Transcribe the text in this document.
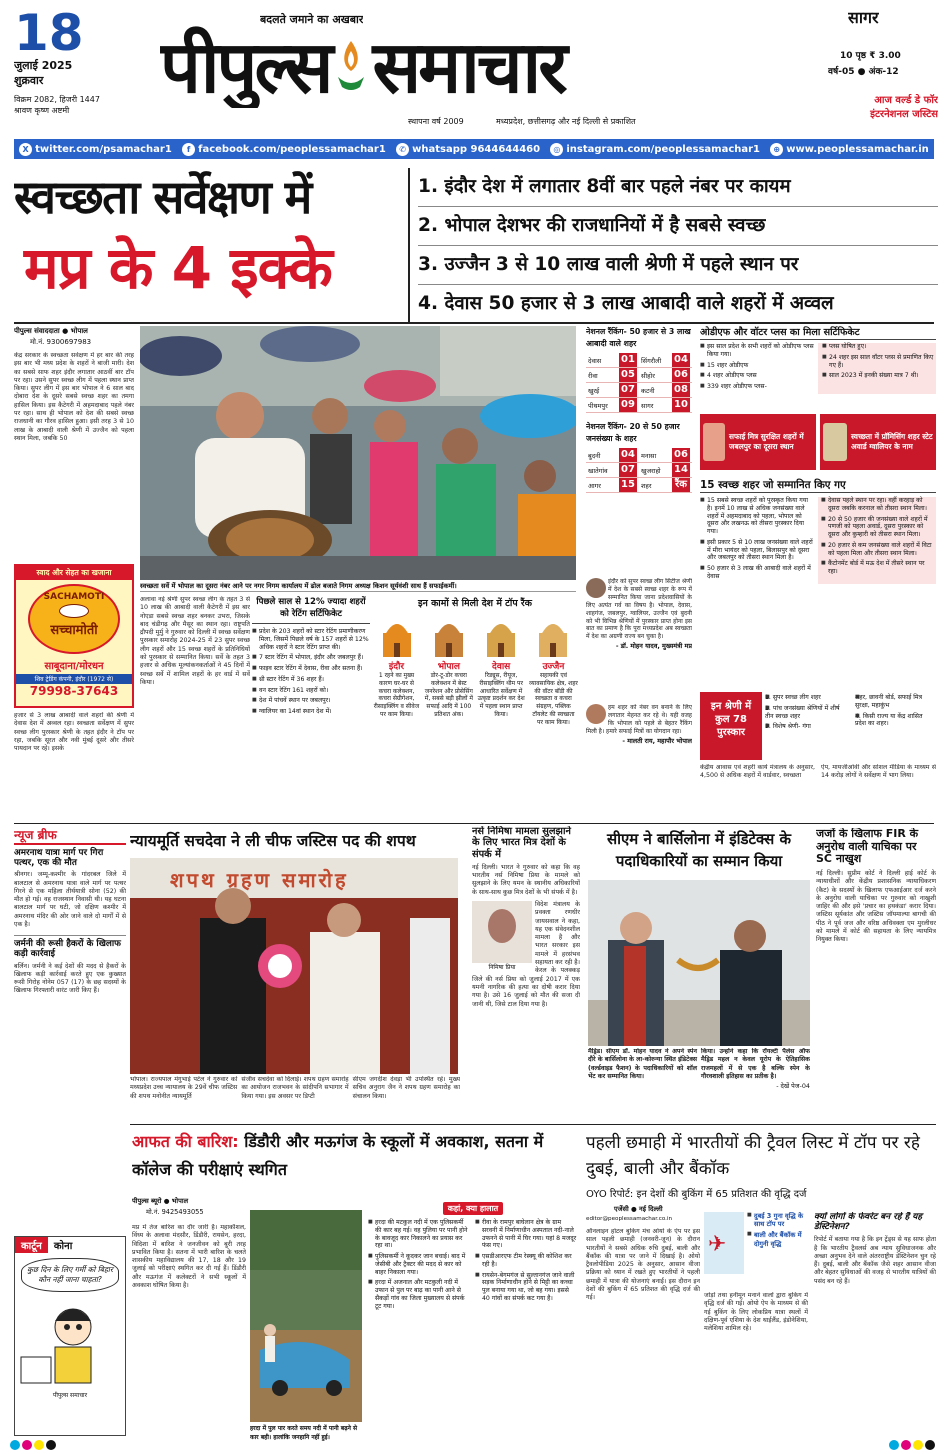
18
जुलाई 2025
शुक्रवार
विक्रम 2082, हिजरी 1447
श्रावण कृष्ण अष्टमी
बदलते जमाने का अखबार
पीपुल्स समाचार
स्थापना वर्ष 2009	मध्यप्रदेश, छत्तीसगढ़ और नई दिल्ली से प्रकाशित
सागर
10 पृष्ठ ₹ 3.00
वर्ष-05 ● अंक-12
आज वर्ल्ड डे फॉर
इंटरनेशनल जस्टिस
X twitter.com/psamachar1	f facebook.com/peoplessamachar1	✆ whatsapp 9644644460	◎ instagram.com/peoplessamachar1	⊕ www.peoplessamachar.in
स्वच्छता सर्वेक्षण में
मप्र के 4 इक्के
1. इंदौर देश में लगातार 8वीं बार पहले नंबर पर कायम
2. भोपाल देशभर की राजधानियों में है सबसे स्वच्छ
3. उज्जैन 3 से 10 लाख वाली श्रेणी में पहले स्थान पर
4. देवास 50 हजार से 3 लाख आबादी वाले शहरों में अव्वल
पीपुल्स संवाददाता ● भोपाल
मो.नं. 9300697983
केंद्र सरकार के स्वच्छता सर्वेक्षण में हर बार की तरह इस बार भी मध्य प्रदेश के शहरों ने बाजी मारी। देश का सबसे साफ शहर इंदौर लगातार आठवीं बार टॉप पर रहा। उसने सुपर स्वच्छ लीग में पहला स्थान प्राप्त किया। सुपर लीग में इस बार भोपाल ने 6 साल बाद दोबारा देश के दूसरे सबसे स्वच्छ शहर का तमगा हासिल किया। इस कैटेगरी में अहमदाबाद पहले नंबर पर रहा। साथ ही भोपाल को देश की सबसे स्वच्छ राजधानी का गौरव हासिल हुआ। इसी तरह 3 से 10 लाख के आबादी वाली श्रेणी में उज्जैन को पहला स्थान मिला, जबकि 50
स्वाद और सेहत का खजाना
SACHAMOTI
सच्चामोती
साबूदाना/मोरधन
शिव ट्रेडिंग कंपनी, इंदौर (1972 से)
79998-37643
हजार से 3 लाख आबादी वाले शहरों की श्रेणी में देवास देश में अव्वल रहा। स्वच्छता सर्वेक्षण में सुपर स्वच्छ लीग पुरस्कार श्रेणी के तहत इंदौर ने टॉप पर रहा, जबकि सूरत और नवी मुंबई दूसरे और तीसरे पायदान पर रहे। इसके
स्वच्छता सर्वे में भोपाल का दूसरा नंबर आने पर नगर निगम कार्यालय में ढोल बजाते निगम अध्यक्ष किशन सूर्यवंशी साथ हैं सफाईकर्मी।
अलावा नई श्रेणी सुपर स्वच्छ लीग के तहत 3 से 10 लाख की आबादी वाली कैटेगरी में इस बार नोएडा सबसे स्वच्छ शहर बनकर उभरा, जिसके बाद चंडीगढ़ और मैसूर का स्थान रहा। राष्ट्रपति द्रौपदी मुर्मु ने गुरुवार को दिल्ली में स्वच्छ सर्वेक्षण पुरस्कार समारोह 2024-25 में 23 सुपर स्वच्छ लीग शहरों और 15 स्वच्छ शहरों के प्रतिनिधियों को पुरस्कार से सम्मानित किया। सर्वे के तहत 3 हजार से अधिक मूल्यांकनकर्ताओं ने 45 दिनों में स्वच्छ सर्वे में शामिल शहरों के हर वार्ड में सर्वे किया।
पिछले साल से 12% ज्यादा शहरों को रेटिंग सर्टिफिकेट
■ प्रदेश के 203 शहरों को स्टार रेटिंग प्रमाणीकरण मिला, जिसमें पिछले वर्ष के 157 शहरों से 12% अधिक शहरों ने स्टार रेटिंग प्राप्त की।
■ 7 स्टार रेटिंग में भोपाल, इंदौर और जबलपुर हैं।
■ फाइव स्टार रेटिंग में देवास, रीवा और सतना हैं।
■ थ्री स्टार रेटिंग में 36 शहर हैं।
■ वन स्टार रेटिंग 161 शहरों को।
■ देश में पांचवें स्थान पर जबलपुर।
■ ग्वालियर का 14वां स्थान देश में।
इन कामों से मिली देश में टॉप रैंक
इंदौर
1 रहने का मुख्य कारण घर-घर से कचरा कलेक्शन, कचरा सेग्रीगेशन, रीसाइक्लिंग व सीवेज पर काम किया।
भोपाल
डोर-टू-डोर कचरा कलेक्शन में बेस्ट जनरेशन और प्रोसेसिंग में, सबसे बड़ी झीलों में सफाई आदि में 100 प्रतिशत अंक।
देवास
रिड्यूस, रीयूज, रीसाइक्लिंग थीम पर आधारित सर्वेक्षण में उत्कृष्ट प्रदर्शन कर देश में पहला स्थान प्राप्त किया।
उज्जैन
सहायकी एवं व्यावसायिक क्षेत्र, शहर की वॉटर बॉडी की स्वच्छता व कचरा संग्रहण, पब्लिक टॉयलेट की स्वच्छता पर काम किया।
नेशनल रैंकिंग- 50 हजार से 3 लाख आबादी वाले शहर
देवास 01 सिंगरौली 04
रीवा 05 सीहोर 06
खुरई 07 कटनी 08
पीथमपुर 09 सागर 10
नेशनल रैंकिंग- 20 से 50 हजार जनसंख्या के शहर
बुदनी 04 मनासा 06
खातेगांव 07 खुजराहो 14
आगर 15 शहर	रैंक
इंदौर को सुपर स्वच्छ लीग सिटीज श्रेणी में देश के सबसे स्वच्छ शहर के रूप में सम्मानित किया जाना प्रदेशवासियों के लिए अत्यंत गर्व का विषय है। भोपाल, देवास, शाहगंज, जबलपुर, ग्वालियर, उज्जैन एवं बुदनी को भी विभिन्न श्रेणियों में पुरस्कार प्राप्त होना इस बात का प्रमाण है कि पूरा मध्यप्रदेश अब स्वच्छता में देश का अग्रणी राज्य बन चुका है।
- डॉ. मोहन यादव, मुख्यमंत्री मप्र
हम शहर को नंबर वन बनाने के लिए लगातार मेहनत कर रहे थे। यही वजह कि भोपाल को पहले से बेहतर रैंकिंग मिली है। हमारे सफाई मित्रों का योगदान रहा।
- मालती राय, महापौर भोपाल
ओडीएफ और वॉटर प्लस का मिला सर्टिफिकेट
■ इस साल प्रदेश के सभी शहरों को ओडीएफ प्लस किया गया।
■ 15 शहर ओडीएफ
■ 4 शहर ओडीएफ प्लस
■ 339 शहर ओडीएफ प्लस-
■ प्लस घोषित हुए।
■ 24 शहर इस साल वॉटर प्लस से प्रमाणित किए गए हैं।
■ साल 2023 में इनकी संख्या मात्र 7 थी।
सफाई मित्र सुरक्षित शहरों में जबलपुर का दूसरा स्थान
स्वच्छता में प्रॉमिसिंग शहर स्टेट अवार्ड ग्वालियर के नाम
15 स्वच्छ शहर जो सम्मानित किए गए
■ 15 सबसे स्वच्छ शहरों को पुरस्कृत किया गया है। इनमें 10 लाख से अधिक जनसंख्या वाले शहरों में अहमदाबाद को पहला, भोपाल को दूसरा और लखनऊ को तीसरा पुरस्कार दिया गया।
■ इसी प्रकार 5 से 10 लाख जनसंख्या वाले शहरों में मीरा भायंदर को पहला, बिलासपुर को दूसरा और जबलपुर को तीसरा स्थान मिला है।
■ 50 हजार से 3 लाख की आबादी वाले शहरों में देवास
■ देवास पहले स्थान पर रहा। वहीं करहाड़ को दूसरा जबकि करनाल को तीसरा स्थान मिला।
■ 20 से 50 हजार की जनसंख्या वाले शहरों में पणजी को पहला अवार्ड, दूसरा पुरस्कार को दूसरा और कुम्हारी को तीसरा स्थान मिला।
■ 20 हजार से कम जनसंख्या वाले शहरों में विटा को पहला मिला और तीसरा स्थान मिला।
■ कैंटोनमेंट बोर्ड में मऊ देश में तीसरे स्थान पर रहा।
इन श्रेणी में कुल 78 पुरस्कार
■ 1. सुपर स्वच्छ लीग शहर
■ 2. पांच जनसंख्या श्रेणियों में शीर्ष तीन स्वच्छ शहर
■ 3. विशेष श्रेणी- गंगा
■ शहर, छावनी बोर्ड, सफाई मित्र सुरक्षा, महाकुंभ
■ 4. किसी राज्य या केंद्र शासित प्रदेश का शहर।
केंद्रीय आवास एवं शहरी कार्य मंत्रालय के अनुसार, 4,500 से अधिक शहरों में वार्डवार, स्वच्छता
ऐप, मायजीओवी और सोशल मीडिया के माध्यम से 14 करोड़ लोगों ने सर्वेक्षण में भाग लिया।
न्यूज ब्रीफ
अमरनाथ यात्रा मार्ग पर गिरा पत्थर, एक की मौत
श्रीनगर। जम्मू-कश्मीर के गांदरबल जिले में बालटाल से अमरनाथ यात्रा वाले मार्ग पर पत्थर गिरने से एक महिला तीर्थयात्री सोना (52) की मौत हो गई। वह राजस्थान निवासी थी। यह घटना बालटाल मार्ग पर घटी, जो दक्षिण कश्मीर में अमरनाथ मंदिर की ओर जाने वाले दो मार्गों में से एक है।
जर्मनी की रूसी हैकरों के खिलाफ कड़ी कार्रवाई
बर्लिन। जर्मनी ने कई देशों की मदद से हैकरों के खिलाफ कड़ी कार्रवाई करते हुए एक कुख्यात रूसी गिरोह नोनेम 057 (17) के छह सदस्यों के खिलाफ गिरफ्तारी वारंट जारी किए हैं।
कार्टून	कोना
कुछ दिन के लिए गर्मी को बिहार कौन नहीं जाना चाहता?
पीपुल्स समाचार
न्यायमूर्ति सचदेवा ने ली चीफ जस्टिस पद की शपथ
शपथ ग्रहण समारोह
भोपाल। राज्यपाल मंगुभाई पटेल ने गुरुवार को मध्यप्रदेश उच्च न्यायालय के 29वें चीफ जस्टिस की शपथ मनोनीत न्यायमूर्ति
संजीव सचदेवा को दिलाई। शपथ ग्रहण समारोह का आयोजन राजभवन के सांदीपनि सभागार में किया गया। इस अवसर पर डिप्टी
सीएम जगदीश देवड़ा भी उपस्थित रहे। मुख्य सचिव अनुराग जैन ने शपथ ग्रहण समारोह का संचालन किया।
नर्स निमिषा मामला सुलझाने के लिए भारत मित्र देशों के संपर्क में
नई दिल्ली। भारत ने गुरुवार को कहा कि वह भारतीय नर्स निमिषा प्रिया के मामले को सुलझाने के लिए यमन के स्थानीय अधिकारियों के साथ-साथ कुछ मित्र देशों के भी संपर्क में है।
निमिषा प्रिया
विदेश मंत्रालय के प्रवक्ता रणधीर जायसवाल ने कहा, यह एक संवेदनशील मामला है और भारत सरकार इस मामले में हरसंभव सहायता कर रही है। केरल के पलक्कड़ जिले की नर्स प्रिया को जुलाई 2017 में एक यमनी नागरिक की हत्या का दोषी करार दिया गया है। उसे 16 जुलाई को मौत की सजा दी जानी थी, जिसे टाल दिया गया है।
सीएम ने बार्सिलोना में इंडिटेक्स के पदाधिकारियों का सम्मान किया
मैड्रिड। सीएम डॉ. मोहन यादव ने अपने स्पेन दौरे के बार्सिलोना के ला-कोरुन्या स्थित इंडिटेक्स (वर्ल्डवाइड फैशन) के पदाधिकारियों को शॉल भेंट कर सम्मानित किया।
किया। उन्होंने कहा कि रॉयल्टी पैलेस ऑफ मैड्रिड महल न केवल यूरोप के ऐतिहासिक राजमहलों में से एक है बल्कि स्पेन के गौरवशाली इतिहास का प्रतीक है।
- देखें पेज-04
जजों के खिलाफ FIR के अनुरोध वाली याचिका पर SC नाखुश
नई दिल्ली। सुप्रीम कोर्ट ने दिल्ली हाई कोर्ट के न्यायाधीशों और केंद्रीय प्रशासनिक न्यायाधिकरण (कैट) के सदस्यों के खिलाफ एफआईआर दर्ज करने के अनुरोध वाली याचिका पर गुरुवार को नाखुशी जाहिर की और इसे 'प्रचार का हथकंडा' करार दिया। जस्टिस सूर्यकांत और जस्टिस जॉयमाल्या बागची की पीठ ने पूर्व जज और वरिष्ठ अधिवक्ता एम मुरलीधर को मामले में कोर्ट की सहायता के लिए न्यायमित्र नियुक्त किया।
आफत की बारिश: डिंडौरी और मऊगंज के स्कूलों में अवकाश, सतना में कॉलेज की परीक्षाएं स्थगित
पीपुल्स ब्यूरो ● भोपाल
मो.नं. 9425493055
मप्र में तेज बारिश का दौर जारी है। महाकौशल, विंध्य के अलावा मंदसौर, डिंडौरी, रायसेन, हरदा, विदिशा में बारिश ने जनजीवन को बुरी तरह प्रभावित किया है। सतना में भारी बारिश के चलते शासकीय महाविद्यालय की 17, 18 और 19 जुलाई को परीक्षाएं स्थगित कर दी गई हैं। डिंडौरी और मऊगंज में कलेक्टरों ने सभी स्कूलों में अवकाश घोषित किया है।
हरदा में पुल पार करते समय नदी में पानी बढ़ने से कार बही। हालांकि जनहानि नहीं हुई।
कहां, क्या हालात
■ हरदा की मटकुल नदी में एक पुलिसकर्मी की कार बह गई। वह पुलिया पर पानी होने के बावजूद कार निकालने का प्रयास कर रहा था।
■ पुलिसकर्मी ने कूदकर जान बचाई। बाद में जेसीबी और ट्रैक्टर की मदद से कार को बाहर निकाला गया।
■ हरदा में अजनाल और मटकुली नदी में उफान से पुल पर बाढ़ का पानी आने से सैकड़ों गांव का जिला मुख्यालय से संपर्क टूट गया।
■ रीवा के रामपुर बाघेलान क्षेत्र के ग्राम सरवनी में निर्माणाधीन अस्पताल नदी-नाले उफनने से पानी में घिर गया। यहां 8 मजदूर फंस गए।
■ एसडीआरएफ टीम रेस्क्यू की कोशिश कर रही है।
■ रायसेन-बेगमगंज से सुल्तानगंज जाने वाली सड़क निर्माणाधीन होने से मिट्टी का कच्चा पुल बनाया गया था, जो बह गया। इससे 40 गांवों का संपर्क कट गया है।
पहली छमाही में भारतीयों की ट्रैवल लिस्ट में टॉप पर रहे दुबई, बाली और बैंकॉक
OYO रिपोर्ट: इन देशों की बुकिंग में 65 प्रतिशत की वृद्धि दर्ज
एजेंसी ● नई दिल्ली
editor@peoplessamachar.co.in
ऑनलाइन होटल बुकिंग मंच ओयो के ऐप पर इस साल पहली छमाही (जनवरी-जून) के दौरान भारतीयों ने सबसे अधिक रुचि दुबई, बाली और बैंकॉक की यात्रा पर जाने में दिखाई है। ओयो ट्रैवलोपीडिया 2025 के अनुसार, आसान वीजा प्रक्रिया को ध्यान में रखते हुए भारतीयों ने पहली छमाही में यात्रा की योजनाएं बनाईं। इस दौरान इन देशों की बुकिंग में 65 प्रतिशत की वृद्धि दर्ज की गई।
✈
■ दुबई 3 गुना वृद्धि के साथ टॉप पर
■ बाली और बैंकॉक में दोगुनी वृद्धि
जोड़ों तथा हनीमून मनाने वालों द्वारा बुकिंग में वृद्धि दर्ज की गई। ओयो ऐप के माध्यम से की गई बुकिंग के लिए लोकप्रिय यात्रा स्थलों में दक्षिण-पूर्व एशिया के देश थाईलैंड, इंडोनेशिया, मलेशिया शामिल रहे।
क्यों लोगों के फेवरेट बन रहे हैं यह डेस्टिनेशन?
रिपोर्ट में बताया गया है कि इन ट्रेंड्स से यह साफ होता है कि भारतीय ट्रैवलर्स अब न्याय सुविधाजनक और अच्छा अनुभव देने वाले अंतरराष्ट्रीय डेस्टिनेशन चुन रहे हैं। दुबई, बाली और बैंकॉक जैसे शहर आसान वीजा और बेहतर सुविधाओं की वजह से भारतीय यात्रियों की पसंद बन रहे हैं।
